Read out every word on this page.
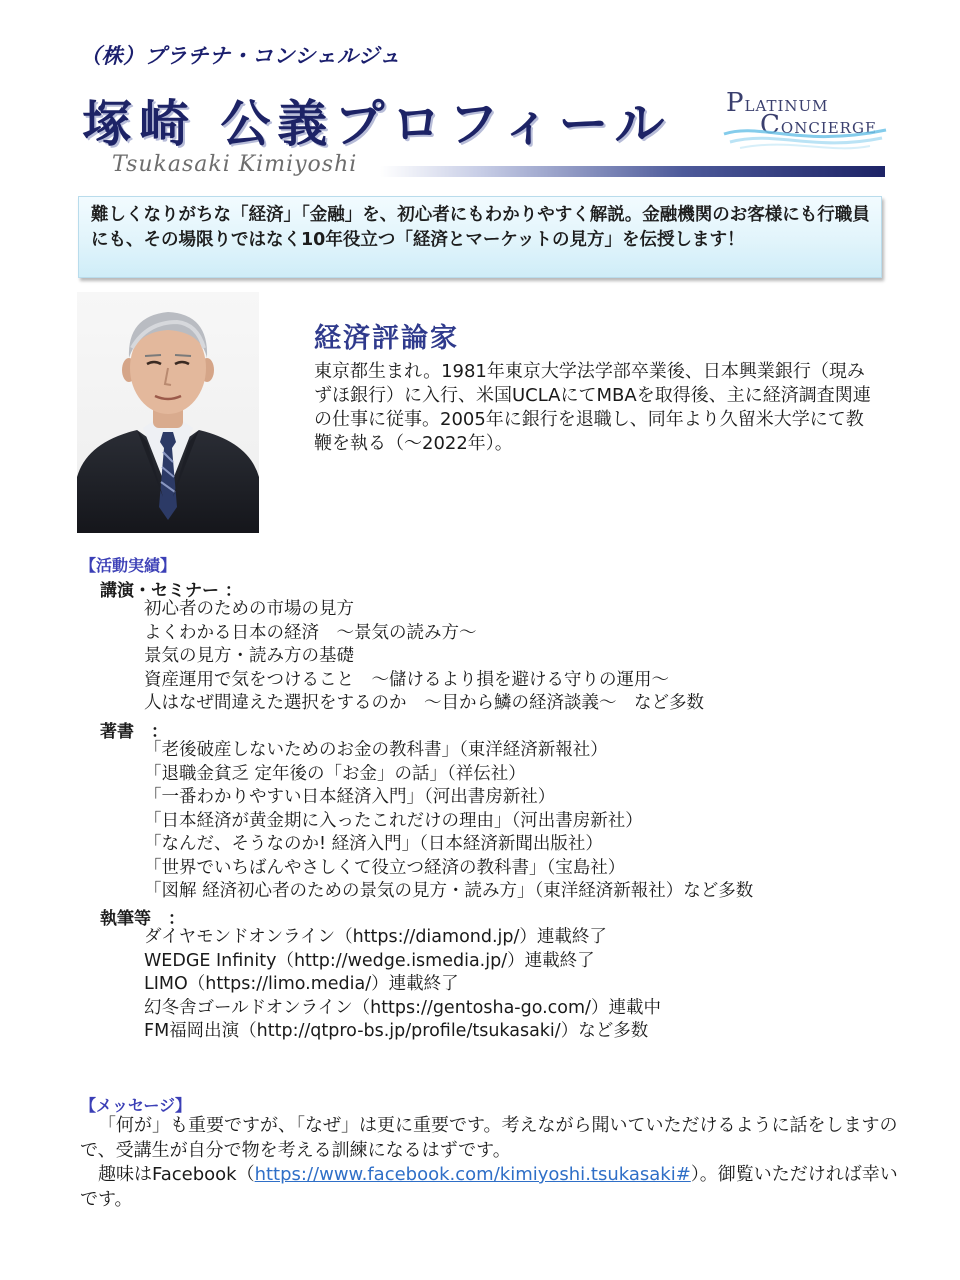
（株）プラチナ・コンシェルジュ
塚崎 公義プロフィール
Tsukasaki Kimiyoshi
PLATINUM
CONCIERGE
難しくなりがちな「経済」「金融」を、初心者にもわかりやすく解説。金融機関のお客様にも行職員にも、その場限りではなく10年役立つ「経済とマーケットの見方」を伝授します！
経済評論家
東京都生まれ。1981年東京大学法学部卒業後、日本興業銀行（現みずほ銀行）に入行、米国UCLAにてMBAを取得後、主に経済調査関連の仕事に従事。2005年に銀行を退職し、同年より久留米大学にて教鞭を執る（～2022年）。
【活動実績】
講演・セミナー ：
初心者のための市場の見方
よくわかる日本の経済　～景気の読み方～
景気の見方・読み方の基礎
資産運用で気をつけること　～儲けるより損を避ける守りの運用～
人はなぜ間違えた選択をするのか　～目から鱗の経済談義～　など多数
著書　：
「老後破産しないためのお金の教科書」（東洋経済新報社）
「退職金貧乏 定年後の「お金」の話」（祥伝社）
「一番わかりやすい日本経済入門」（河出書房新社）
「日本経済が黄金期に入ったこれだけの理由」（河出書房新社）
「なんだ、そうなのか! 経済入門」（日本経済新聞出版社）
「世界でいちばんやさしくて役立つ経済の教科書」（宝島社）
「図解 経済初心者のための景気の見方・読み方」（東洋経済新報社）など多数
執筆等　：
ダイヤモンドオンライン（https://diamond.jp/）連載終了
WEDGE Infinity（http://wedge.ismedia.jp/）連載終了
LIMO（https://limo.media/）連載終了
幻冬舎ゴールドオンライン（https://gentosha-go.com/）連載中
FM福岡出演（http://qtpro-bs.jp/profile/tsukasaki/）など多数
【メッセージ】

「何が」も重要ですが、「なぜ」は更に重要です。考えながら聞いていただけるように話をしますので、受講生が自分で物を考える訓練になるはずです。

趣味はFacebook（https://www.facebook.com/kimiyoshi.tsukasaki#）。御覧いただければ幸いです。
